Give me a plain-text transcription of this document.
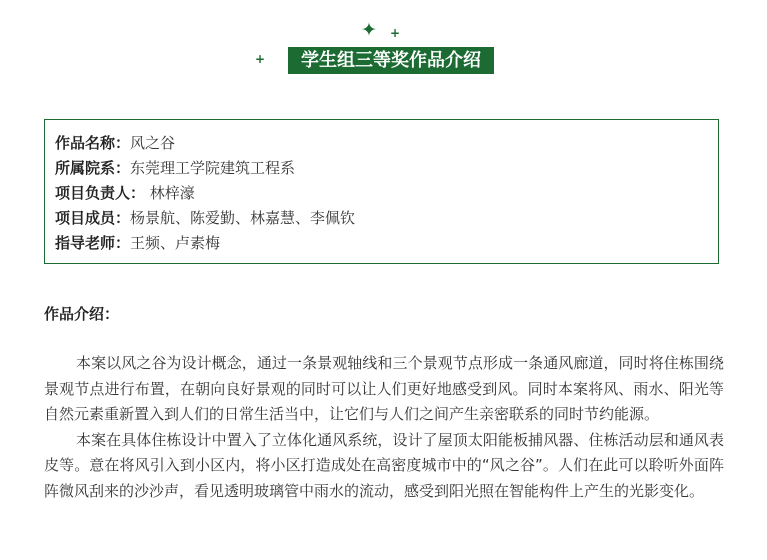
✦ +
+	学生组三等奖作品介绍
作品名称：风之谷
所属院系：东莞理工学院建筑工程系
项目负责人： 林梓濠
项目成员：杨景航、陈爱勤、林嘉慧、李佩钦
指导老师：王频、卢素梅
作品介绍：

本案以风之谷为设计概念，通过一条景观轴线和三个景观节点形成一条通风廊道，同时将住栋围绕景观节点进行布置，在朝向良好景观的同时可以让人们更好地感受到风。同时本案将风、雨水、阳光等自然元素重新置入到人们的日常生活当中，让它们与人们之间产生亲密联系的同时节约能源。

本案在具体住栋设计中置入了立体化通风系统，设计了屋顶太阳能板捕风器、住栋活动层和通风表皮等。意在将风引入到小区内，将小区打造成处在高密度城市中的“风之谷”。人们在此可以聆听外面阵阵微风刮来的沙沙声，看见透明玻璃管中雨水的流动，感受到阳光照在智能构件上产生的光影变化。
